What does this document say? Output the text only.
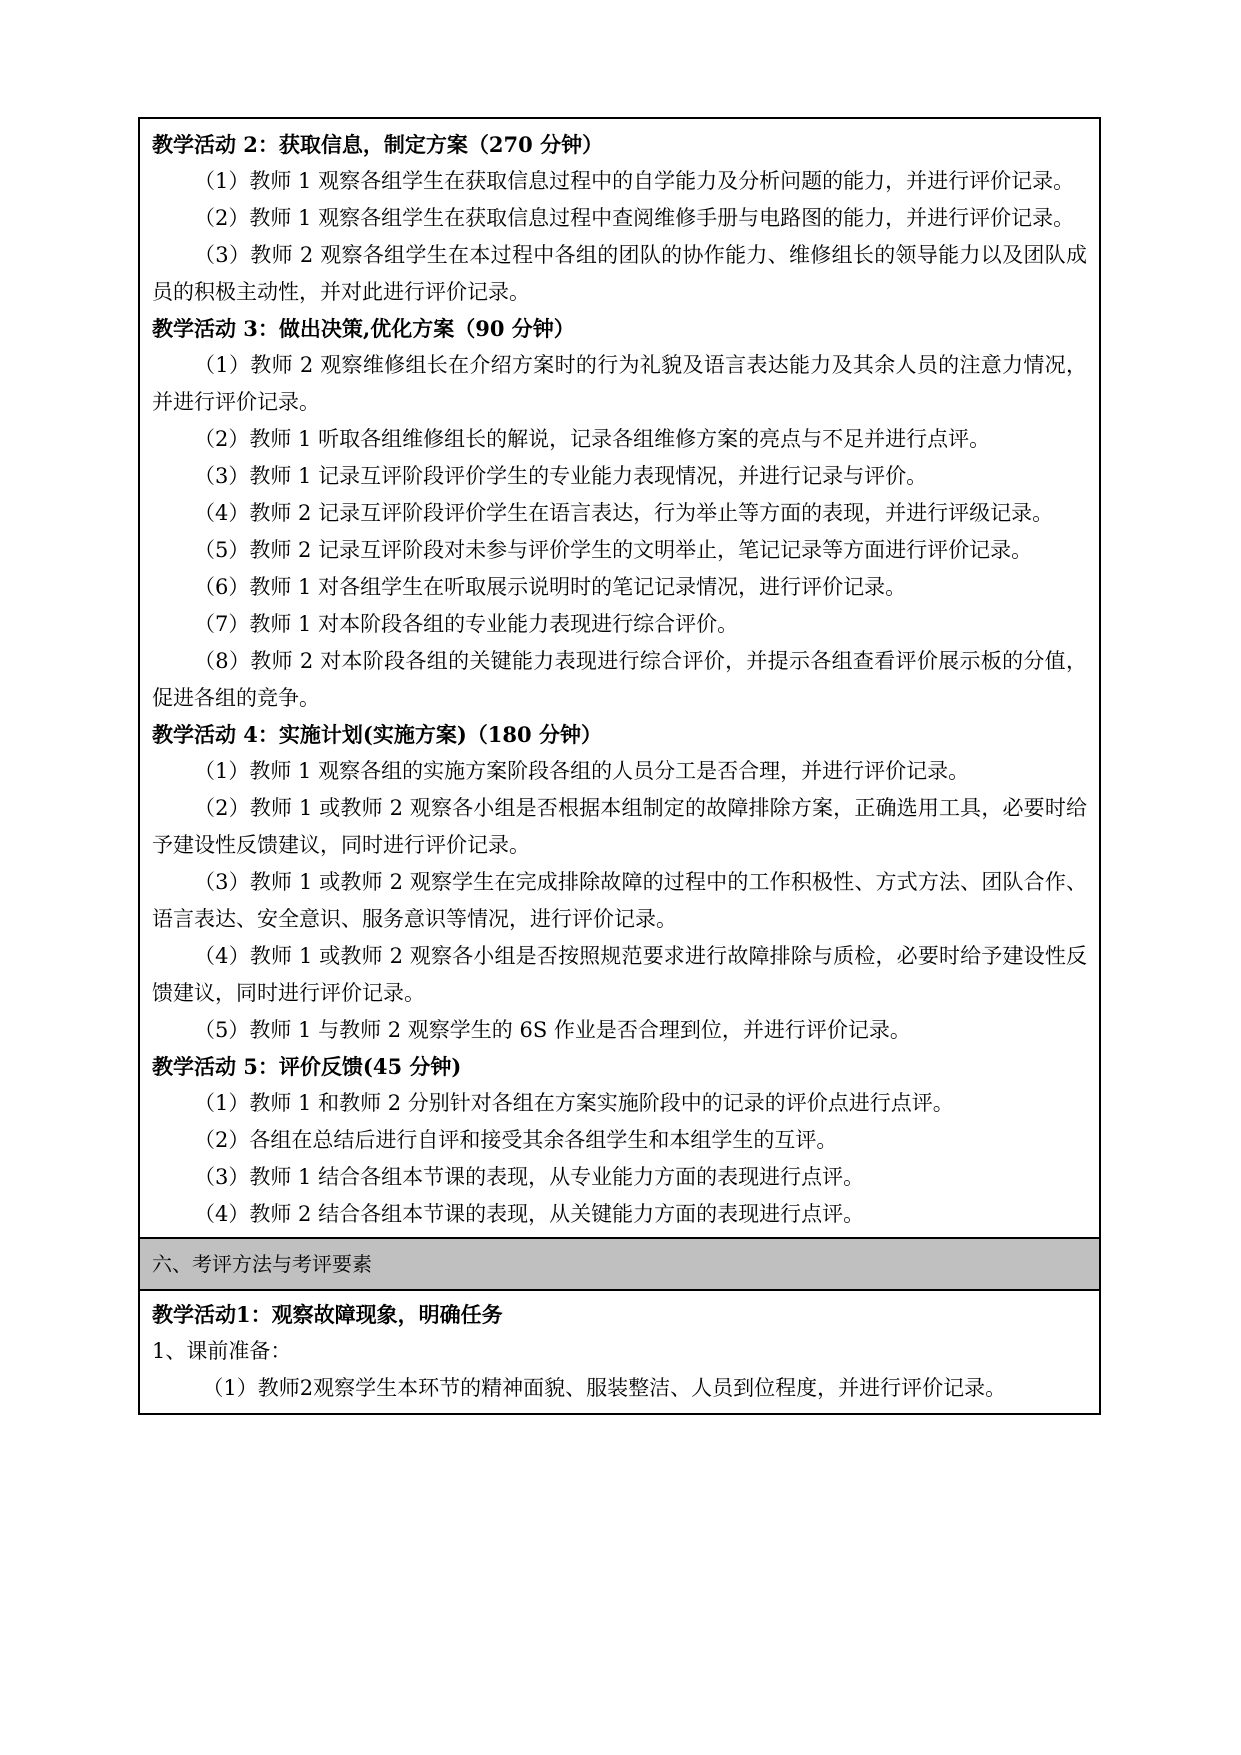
教学活动 2：获取信息，制定方案（270 分钟）
（1）教师 1 观察各组学生在获取信息过程中的自学能力及分析问题的能力，并进行评价记录。
（2）教师 1 观察各组学生在获取信息过程中查阅维修手册与电路图的能力，并进行评价记录。
（3）教师 2 观察各组学生在本过程中各组的团队的协作能力、维修组长的领导能力以及团队成员的积极主动性，并对此进行评价记录。
教学活动 3：做出决策,优化方案（90 分钟）
（1）教师 2 观察维修组长在介绍方案时的行为礼貌及语言表达能力及其余人员的注意力情况，并进行评价记录。
（2）教师 1 听取各组维修组长的解说，记录各组维修方案的亮点与不足并进行点评。
（3）教师 1 记录互评阶段评价学生的专业能力表现情况，并进行记录与评价。
（4）教师 2 记录互评阶段评价学生在语言表达，行为举止等方面的表现，并进行评级记录。
（5）教师 2 记录互评阶段对未参与评价学生的文明举止，笔记记录等方面进行评价记录。
（6）教师 1 对各组学生在听取展示说明时的笔记记录情况，进行评价记录。
（7）教师 1 对本阶段各组的专业能力表现进行综合评价。
（8）教师 2 对本阶段各组的关键能力表现进行综合评价，并提示各组查看评价展示板的分值，促进各组的竞争。
教学活动 4：实施计划(实施方案)（180 分钟）
（1）教师 1 观察各组的实施方案阶段各组的人员分工是否合理，并进行评价记录。
（2）教师 1 或教师 2 观察各小组是否根据本组制定的故障排除方案，正确选用工具，必要时给予建设性反馈建议，同时进行评价记录。
（3）教师 1 或教师 2 观察学生在完成排除故障的过程中的工作积极性、方式方法、团队合作、语言表达、安全意识、服务意识等情况，进行评价记录。
（4）教师 1 或教师 2 观察各小组是否按照规范要求进行故障排除与质检，必要时给予建设性反馈建议，同时进行评价记录。
（5）教师 1 与教师 2 观察学生的 6S 作业是否合理到位，并进行评价记录。
教学活动 5：评价反馈(45 分钟)
（1）教师 1 和教师 2 分别针对各组在方案实施阶段中的记录的评价点进行点评。
（2）各组在总结后进行自评和接受其余各组学生和本组学生的互评。
（3）教师 1 结合各组本节课的表现，从专业能力方面的表现进行点评。
（4）教师 2 结合各组本节课的表现，从关键能力方面的表现进行点评。
六、考评方法与考评要素
教学活动1：观察故障现象，明确任务
1、课前准备：
（1）教师2观察学生本环节的精神面貌、服装整洁、人员到位程度，并进行评价记录。
